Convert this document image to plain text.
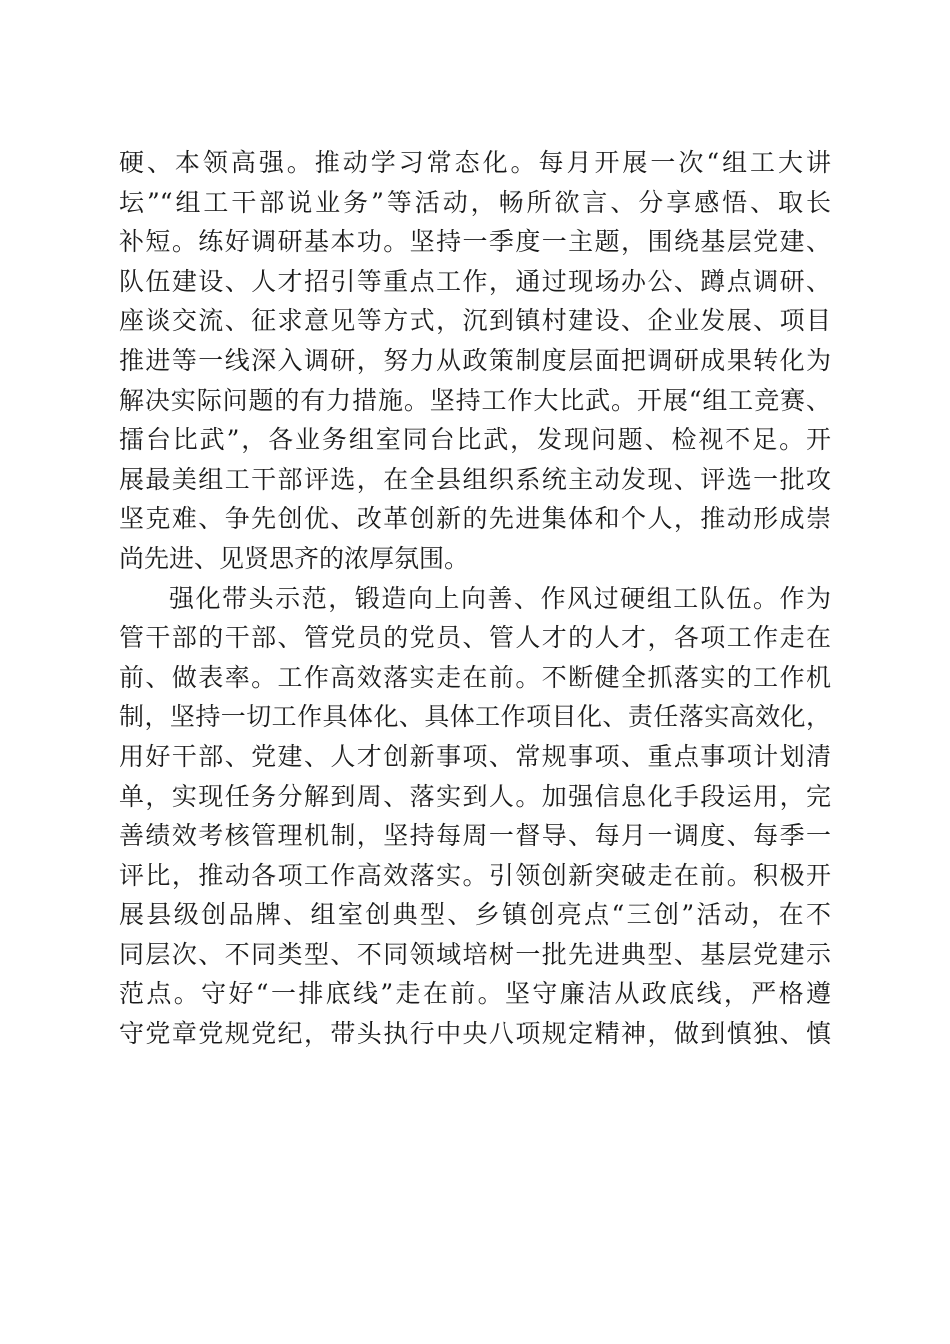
硬、本领高强。推动学习常态化。每月开展一次“组工大讲
坛”“组工干部说业务”等活动，畅所欲言、分享感悟、取长
补短。练好调研基本功。坚持一季度一主题，围绕基层党建、
队伍建设、人才招引等重点工作，通过现场办公、蹲点调研、
座谈交流、征求意见等方式，沉到镇村建设、企业发展、项目
推进等一线深入调研，努力从政策制度层面把调研成果转化为
解决实际问题的有力措施。坚持工作大比武。开展“组工竞赛、
擂台比武”，各业务组室同台比武，发现问题、检视不足。开
展最美组工干部评选，在全县组织系统主动发现、评选一批攻
坚克难、争先创优、改革创新的先进集体和个人，推动形成崇
尚先进、见贤思齐的浓厚氛围。
强化带头示范，锻造向上向善、作风过硬组工队伍。作为
管干部的干部、管党员的党员、管人才的人才，各项工作走在
前、做表率。工作高效落实走在前。不断健全抓落实的工作机
制，坚持一切工作具体化、具体工作项目化、责任落实高效化，
用好干部、党建、人才创新事项、常规事项、重点事项计划清
单，实现任务分解到周、落实到人。加强信息化手段运用，完
善绩效考核管理机制，坚持每周一督导、每月一调度、每季一
评比，推动各项工作高效落实。引领创新突破走在前。积极开
展县级创品牌、组室创典型、乡镇创亮点“三创”活动，在不
同层次、不同类型、不同领域培树一批先进典型、基层党建示
范点。守好“一排底线”走在前。坚守廉洁从政底线，严格遵
守党章党规党纪，带头执行中央八项规定精神，做到慎独、慎
